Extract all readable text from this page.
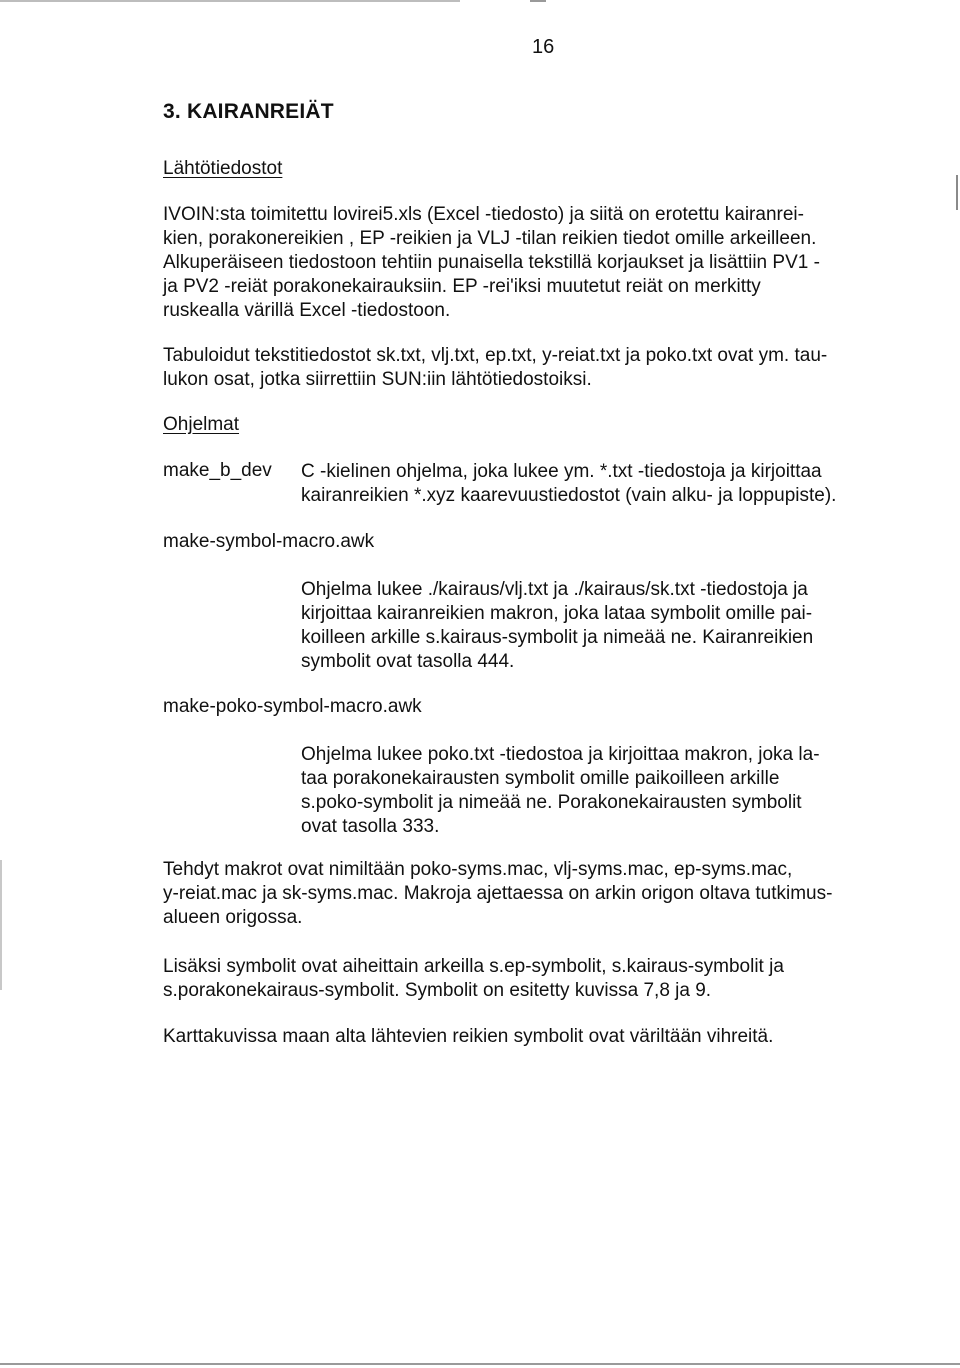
16
3. KAIRANREIÄT
Lähtötiedostot
IVOIN:sta toimitettu lovirei5.xls (Excel -tiedosto) ja siitä on erotettu kairanrei-
kien, porakonereikien , EP -reikien ja VLJ -tilan reikien tiedot omille arkeilleen.
Alkuperäiseen tiedostoon tehtiin punaisella tekstillä korjaukset ja lisättiin PV1 -
ja PV2 -reiät porakonekairauksiin. EP -rei'iksi muutetut reiät on merkitty
ruskealla värillä Excel -tiedostoon.
Tabuloidut tekstitiedostot sk.txt, vlj.txt, ep.txt, y-reiat.txt ja poko.txt ovat ym. tau-
lukon osat, jotka siirrettiin SUN:iin lähtötiedostoiksi.
Ohjelmat
make_b_dev C -kielinen ohjelma, joka lukee ym. *.txt -tiedostoja ja kirjoittaa
kairanreikien *.xyz kaarevuustiedostot (vain alku- ja loppupiste).
make-symbol-macro.awk
Ohjelma lukee ./kairaus/vlj.txt ja ./kairaus/sk.txt -tiedostoja ja
kirjoittaa kairanreikien makron, joka lataa symbolit omille pai-
koilleen arkille s.kairaus-symbolit ja nimeää ne. Kairanreikien
symbolit ovat tasolla 444.
make-poko-symbol-macro.awk
Ohjelma lukee poko.txt -tiedostoa ja kirjoittaa makron, joka la-
taa porakonekairausten symbolit omille paikoilleen arkille
s.poko-symbolit ja nimeää ne. Porakonekairausten symbolit
ovat tasolla 333.
Tehdyt makrot ovat nimiltään poko-syms.mac, vlj-syms.mac, ep-syms.mac,
y-reiat.mac ja sk-syms.mac. Makroja ajettaessa on arkin origon oltava tutkimus-
alueen origossa.
Lisäksi symbolit ovat aiheittain arkeilla s.ep-symbolit, s.kairaus-symbolit ja
s.porakonekairaus-symbolit. Symbolit on esitetty kuvissa 7,8 ja 9.
Karttakuvissa maan alta lähtevien reikien symbolit ovat väriltään vihreitä.
